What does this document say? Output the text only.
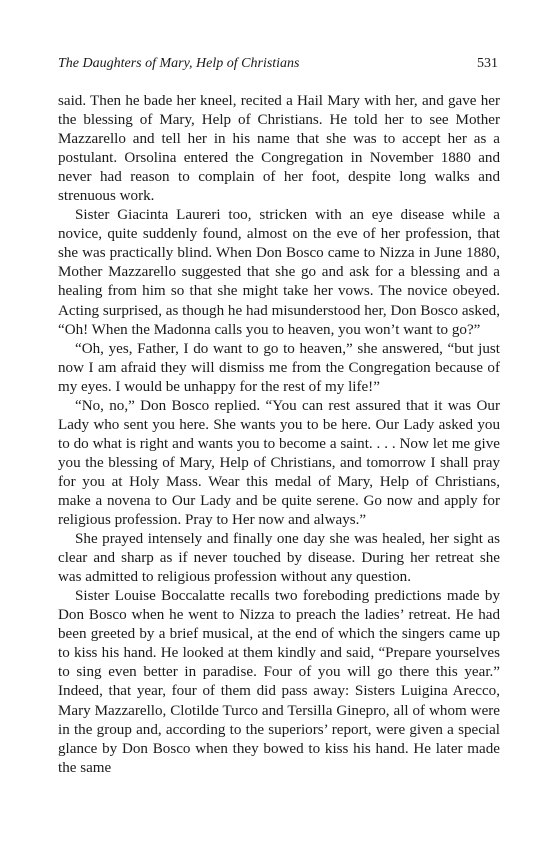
The Daughters of Mary, Help of Christians	531

said. Then he bade her kneel, recited a Hail Mary with her, and gave her the blessing of Mary, Help of Christians. He told her to see Mother Mazzarello and tell her in his name that she was to accept her as a postulant. Orsolina entered the Congregation in November 1880 and never had reason to complain of her foot, despite long walks and strenuous work.

Sister Giacinta Laureri too, stricken with an eye disease while a novice, quite suddenly found, almost on the eve of her profession, that she was practically blind. When Don Bosco came to Nizza in June 1880, Mother Mazzarello suggested that she go and ask for a blessing and a healing from him so that she might take her vows. The novice obeyed. Acting surprised, as though he had misunderstood her, Don Bosco asked, “Oh! When the Madonna calls you to heaven, you won’t want to go?”

“Oh, yes, Father, I do want to go to heaven,” she answered, “but just now I am afraid they will dismiss me from the Congregation because of my eyes. I would be unhappy for the rest of my life!”

“No, no,” Don Bosco replied. “You can rest assured that it was Our Lady who sent you here. She wants you to be here. Our Lady asked you to do what is right and wants you to become a saint. . . . Now let me give you the blessing of Mary, Help of Christians, and tomorrow I shall pray for you at Holy Mass. Wear this medal of Mary, Help of Christians, make a novena to Our Lady and be quite serene. Go now and apply for religious profession. Pray to Her now and always.”

She prayed intensely and finally one day she was healed, her sight as clear and sharp as if never touched by disease. During her retreat she was admitted to religious profession without any question.

Sister Louise Boccalatte recalls two foreboding predictions made by Don Bosco when he went to Nizza to preach the ladies’ retreat. He had been greeted by a brief musical, at the end of which the singers came up to kiss his hand. He looked at them kindly and said, “Prepare yourselves to sing even better in paradise. Four of you will go there this year.” Indeed, that year, four of them did pass away: Sisters Luigina Arecco, Mary Mazzarello, Clotilde Turco and Tersilla Ginepro, all of whom were in the group and, according to the superiors’ report, were given a special glance by Don Bosco when they bowed to kiss his hand. He later made the same
